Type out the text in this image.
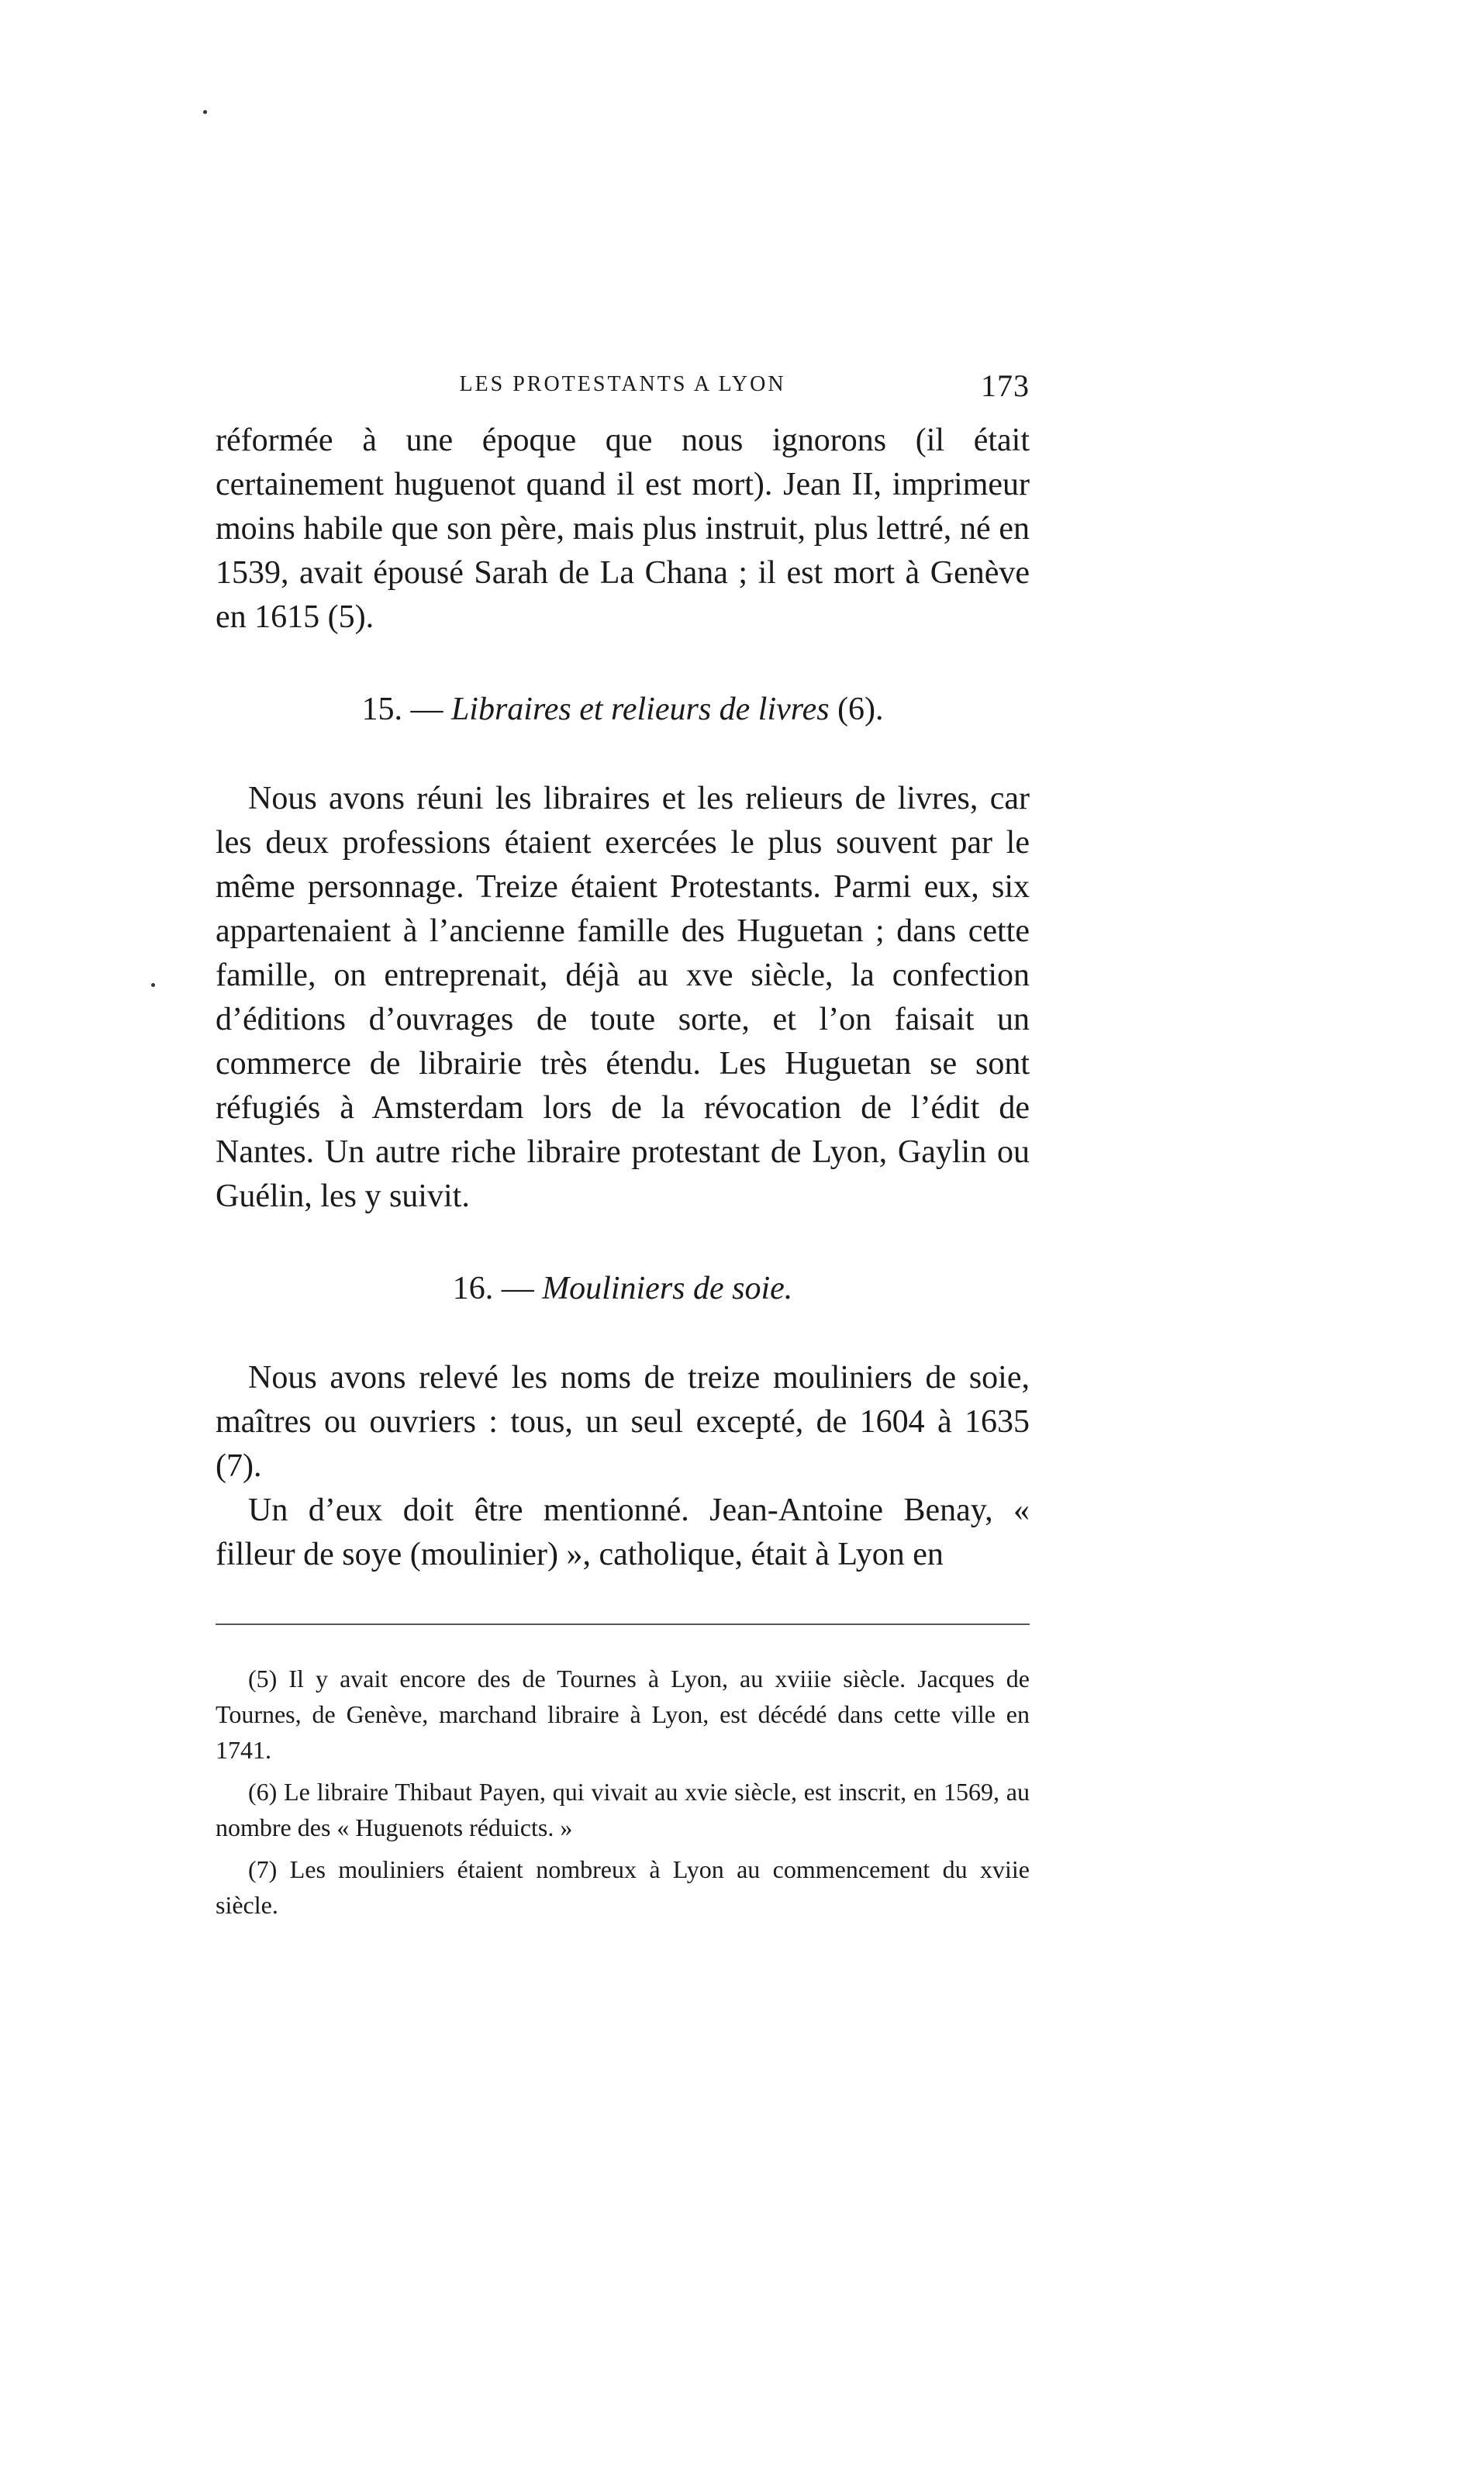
LES PROTESTANTS A LYON	173

réformée à une époque que nous ignorons (il était certainement huguenot quand il est mort). Jean II, imprimeur moins habile que son père, mais plus instruit, plus lettré, né en 1539, avait épousé Sarah de La Chana ; il est mort à Genève en 1615 (5).

15. — Libraires et relieurs de livres (6).

Nous avons réuni les libraires et les relieurs de livres, car les deux professions étaient exercées le plus souvent par le même personnage. Treize étaient Protestants. Parmi eux, six appartenaient à l’ancienne famille des Huguetan ; dans cette famille, on entreprenait, déjà au xve siècle, la confection d’éditions d’ouvrages de toute sorte, et l’on faisait un commerce de librairie très étendu. Les Huguetan se sont réfugiés à Amsterdam lors de la révocation de l’édit de Nantes. Un autre riche libraire protestant de Lyon, Gaylin ou Guélin, les y suivit.

16. — Mouliniers de soie.

Nous avons relevé les noms de treize mouliniers de soie, maîtres ou ouvriers : tous, un seul excepté, de 1604 à 1635 (7).

Un d’eux doit être mentionné. Jean-Antoine Benay, « filleur de soye (moulinier) », catholique, était à Lyon en

(5) Il y avait encore des de Tournes à Lyon, au xviiie siècle. Jacques de Tournes, de Genève, marchand libraire à Lyon, est décédé dans cette ville en 1741.

(6) Le libraire Thibaut Payen, qui vivait au xvie siècle, est inscrit, en 1569, au nombre des « Huguenots réduicts. »

(7) Les mouliniers étaient nombreux à Lyon au commencement du xviie siècle.
